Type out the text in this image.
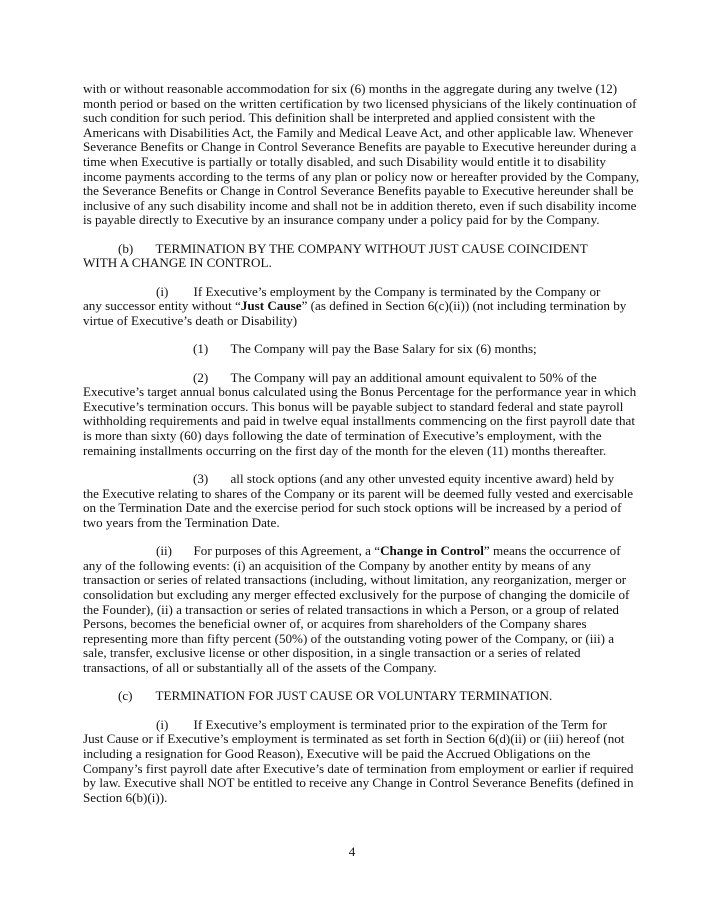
with or without reasonable accommodation for six (6) months in the aggregate during any twelve (12)
month period or based on the written certification by two licensed physicians of the likely continuation of
such condition for such period. This definition shall be interpreted and applied consistent with the
Americans with Disabilities Act, the Family and Medical Leave Act, and other applicable law. Whenever
Severance Benefits or Change in Control Severance Benefits are payable to Executive hereunder during a
time when Executive is partially or totally disabled, and such Disability would entitle it to disability
income payments according to the terms of any plan or policy now or hereafter provided by the Company,
the Severance Benefits or Change in Control Severance Benefits payable to Executive hereunder shall be
inclusive of any such disability income and shall not be in addition thereto, even if such disability income
is payable directly to Executive by an insurance company under a policy paid for by the Company.
(b) TERMINATION BY THE COMPANY WITHOUT JUST CAUSE COINCIDENT
WITH A CHANGE IN CONTROL.
(i) If Executive’s employment by the Company is terminated by the Company or
any successor entity without “Just Cause” (as defined in Section 6(c)(ii)) (not including termination by
virtue of Executive’s death or Disability)
(1) The Company will pay the Base Salary for six (6) months;
(2) The Company will pay an additional amount equivalent to 50% of the
Executive’s target annual bonus calculated using the Bonus Percentage for the performance year in which
Executive’s termination occurs. This bonus will be payable subject to standard federal and state payroll
withholding requirements and paid in twelve equal installments commencing on the first payroll date that
is more than sixty (60) days following the date of termination of Executive’s employment, with the
remaining installments occurring on the first day of the month for the eleven (11) months thereafter.
(3) all stock options (and any other unvested equity incentive award) held by
the Executive relating to shares of the Company or its parent will be deemed fully vested and exercisable
on the Termination Date and the exercise period for such stock options will be increased by a period of
two years from the Termination Date.
(ii) For purposes of this Agreement, a “Change in Control” means the occurrence of
any of the following events: (i) an acquisition of the Company by another entity by means of any
transaction or series of related transactions (including, without limitation, any reorganization, merger or
consolidation but excluding any merger effected exclusively for the purpose of changing the domicile of
the Founder), (ii) a transaction or series of related transactions in which a Person, or a group of related
Persons, becomes the beneficial owner of, or acquires from shareholders of the Company shares
representing more than fifty percent (50%) of the outstanding voting power of the Company, or (iii) a
sale, transfer, exclusive license or other disposition, in a single transaction or a series of related
transactions, of all or substantially all of the assets of the Company.
(c) TERMINATION FOR JUST CAUSE OR VOLUNTARY TERMINATION.
(i) If Executive’s employment is terminated prior to the expiration of the Term for
Just Cause or if Executive’s employment is terminated as set forth in Section 6(d)(ii) or (iii) hereof (not
including a resignation for Good Reason), Executive will be paid the Accrued Obligations on the
Company’s first payroll date after Executive’s date of termination from employment or earlier if required
by law. Executive shall NOT be entitled to receive any Change in Control Severance Benefits (defined in
Section 6(b)(i)).
4
